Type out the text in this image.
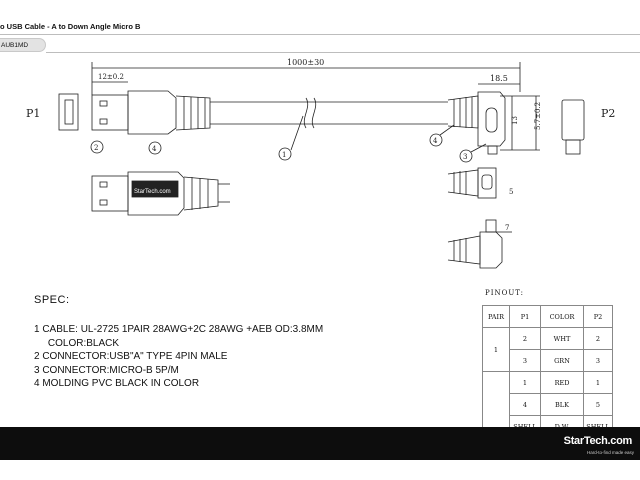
o USB Cable - A to Down Angle Micro B
AUB1MD
P1	P2
1000±30
12±0.2	18.5
13 5.7±0.2
7
StarTech.com
2	4
1
4
3
5
SPEC:
1 CABLE: UL-2725 1PAIR 28AWG+2C 28AWG +AEB OD:3.8MM
COLOR:BLACK
2 CONNECTOR:USB"A" TYPE 4PIN MALE
3 CONNECTOR:MICRO-B 5P/M
4 MOLDING PVC BLACK IN COLOR
PINOUT:
PAIR	P1	COLOR	P2
1	2	WHT	2
	3	GRN	3
	1	RED	1
	4	BLK	5

StarTech.com
Hard-to-find made easy
